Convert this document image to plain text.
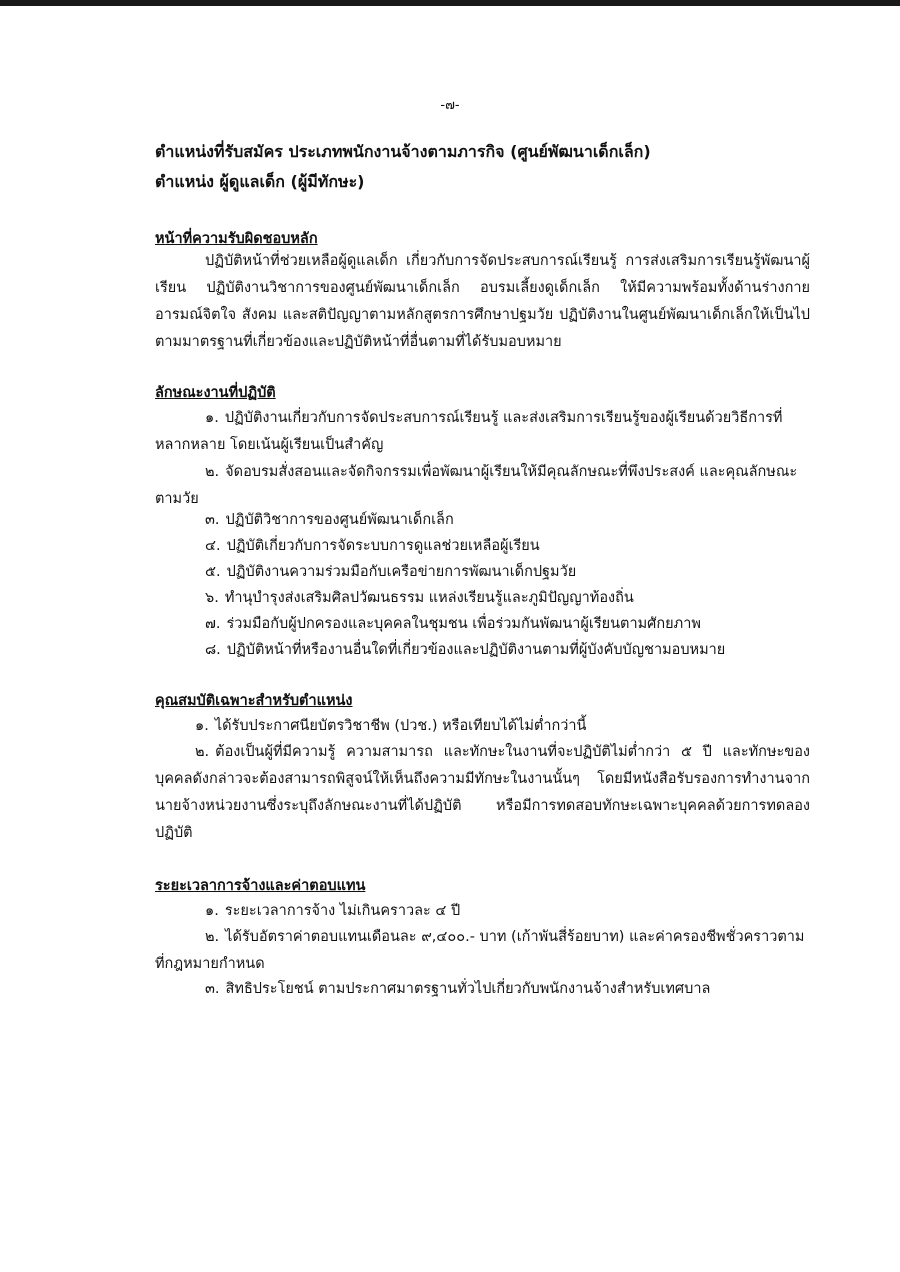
-๗-
ตำแหน่งที่รับสมัคร ประเภทพนักงานจ้างตามภารกิจ (ศูนย์พัฒนาเด็กเล็ก)
ตำแหน่ง ผู้ดูแลเด็ก (ผู้มีทักษะ)
หน้าที่ความรับผิดชอบหลัก
ปฏิบัติหน้าที่ช่วยเหลือผู้ดูแลเด็ก เกี่ยวกับการจัดประสบการณ์เรียนรู้ การส่งเสริมการเรียนรู้พัฒนาผู้เรียน ปฏิบัติงานวิชาการของศูนย์พัฒนาเด็กเล็ก อบรมเลี้ยงดูเด็กเล็ก ให้มีความพร้อมทั้งด้านร่างกาย อารมณ์จิตใจ สังคม และสติปัญญาตามหลักสูตรการศึกษาปฐมวัย ปฏิบัติงานในศูนย์พัฒนาเด็กเล็กให้เป็นไปตามมาตรฐานที่เกี่ยวข้องและปฏิบัติหน้าที่อื่นตามที่ได้รับมอบหมาย
ลักษณะงานที่ปฏิบัติ
๑. ปฏิบัติงานเกี่ยวกับการจัดประสบการณ์เรียนรู้ และส่งเสริมการเรียนรู้ของผู้เรียนด้วยวิธีการที่หลากหลาย โดยเน้นผู้เรียนเป็นสำคัญ
๒. จัดอบรมสั่งสอนและจัดกิจกรรมเพื่อพัฒนาผู้เรียนให้มีคุณลักษณะที่พึงประสงค์ และคุณลักษณะตามวัย
๓. ปฏิบัติวิชาการของศูนย์พัฒนาเด็กเล็ก
๔. ปฏิบัติเกี่ยวกับการจัดระบบการดูแลช่วยเหลือผู้เรียน
๕. ปฏิบัติงานความร่วมมือกับเครือข่ายการพัฒนาเด็กปฐมวัย
๖. ทำนุบำรุงส่งเสริมศิลปวัฒนธรรม แหล่งเรียนรู้และภูมิปัญญาท้องถิ่น
๗. ร่วมมือกับผู้ปกครองและบุคคลในชุมชน เพื่อร่วมกันพัฒนาผู้เรียนตามศักยภาพ
๘. ปฏิบัติหน้าที่หรืองานอื่นใดที่เกี่ยวข้องและปฏิบัติงานตามที่ผู้บังคับบัญชามอบหมาย
คุณสมบัติเฉพาะสำหรับตำแหน่ง
๑. ได้รับประกาศนียบัตรวิชาชีพ (ปวช.) หรือเทียบได้ไม่ต่ำกว่านี้
๒. ต้องเป็นผู้ที่มีความรู้ ความสามารถ และทักษะในงานที่จะปฏิบัติไม่ต่ำกว่า ๕ ปี และทักษะของบุคคลดังกล่าวจะต้องสามารถพิสูจน์ให้เห็นถึงความมีทักษะในงานนั้นๆ โดยมีหนังสือรับรองการทำงานจากนายจ้างหน่วยงานซึ่งระบุถึงลักษณะงานที่ได้ปฏิบัติ หรือมีการทดสอบทักษะเฉพาะบุคคลด้วยการทดลองปฏิบัติ
ระยะเวลาการจ้างและค่าตอบแทน
๑. ระยะเวลาการจ้าง ไม่เกินคราวละ ๔ ปี
๒. ได้รับอัตราค่าตอบแทนเดือนละ ๙,๔๐๐.- บาท (เก้าพันสี่ร้อยบาท) และค่าครองชีพชั่วคราวตามที่กฎหมายกำหนด
๓. สิทธิประโยชน์ ตามประกาศมาตรฐานทั่วไปเกี่ยวกับพนักงานจ้างสำหรับเทศบาล
